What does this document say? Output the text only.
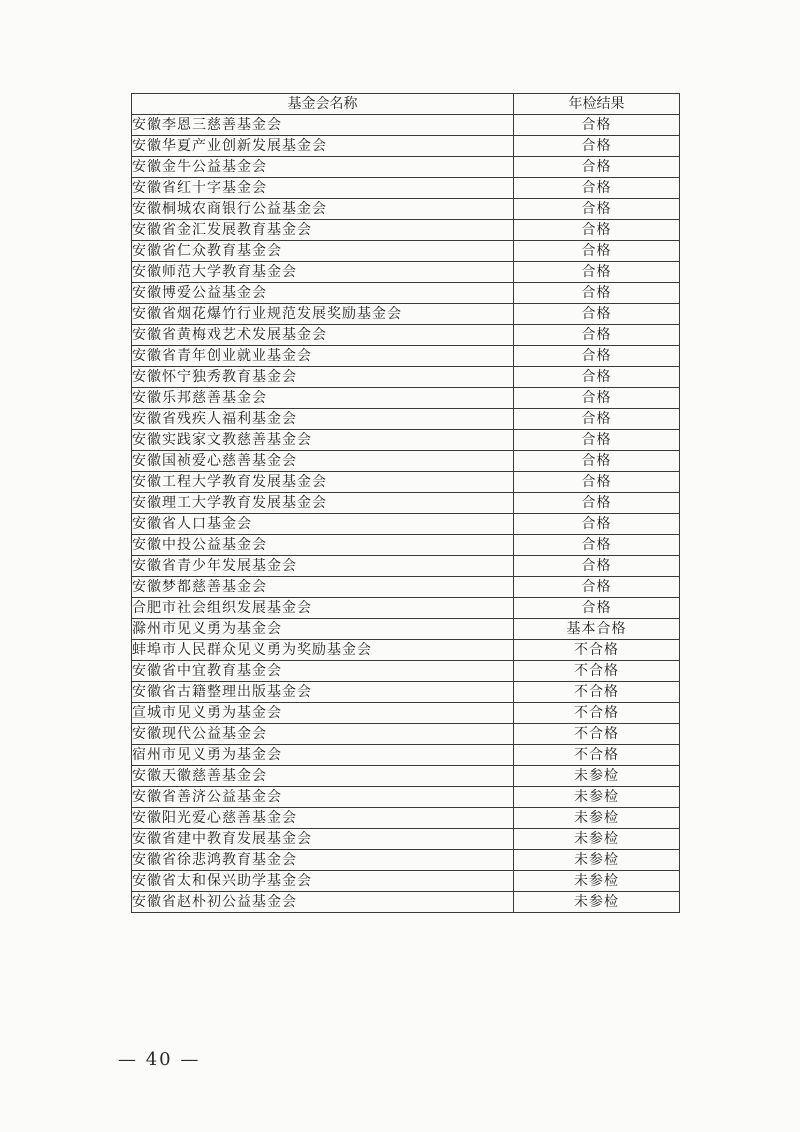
基金会名称	年检结果
安徽李恩三慈善基金会	合格
安徽华夏产业创新发展基金会	合格
安徽金牛公益基金会	合格
安徽省红十字基金会	合格
安徽桐城农商银行公益基金会	合格
安徽省金汇发展教育基金会	合格
安徽省仁众教育基金会	合格
安徽师范大学教育基金会	合格
安徽博爱公益基金会	合格
安徽省烟花爆竹行业规范发展奖励基金会	合格
安徽省黄梅戏艺术发展基金会	合格
安徽省青年创业就业基金会	合格
安徽怀宁独秀教育基金会	合格
安徽乐邦慈善基金会	合格
安徽省残疾人福利基金会	合格
安徽实践家文教慈善基金会	合格
安徽国祯爱心慈善基金会	合格
安徽工程大学教育发展基金会	合格
安徽理工大学教育发展基金会	合格
安徽省人口基金会	合格
安徽中投公益基金会	合格
安徽省青少年发展基金会	合格
安徽梦都慈善基金会	合格
合肥市社会组织发展基金会	合格
滁州市见义勇为基金会	基本合格
蚌埠市人民群众见义勇为奖励基金会	不合格
安徽省中宜教育基金会	不合格
安徽省古籍整理出版基金会	不合格
宣城市见义勇为基金会	不合格
安徽现代公益基金会	不合格
宿州市见义勇为基金会	不合格
安徽天徽慈善基金会	未参检
安徽省善济公益基金会	未参检
安徽阳光爱心慈善基金会	未参检
安徽省建中教育发展基金会	未参检
安徽省徐悲鸿教育基金会	未参检
安徽省太和保兴助学基金会	未参检
安徽省赵朴初公益基金会	未参检
— 40 —
